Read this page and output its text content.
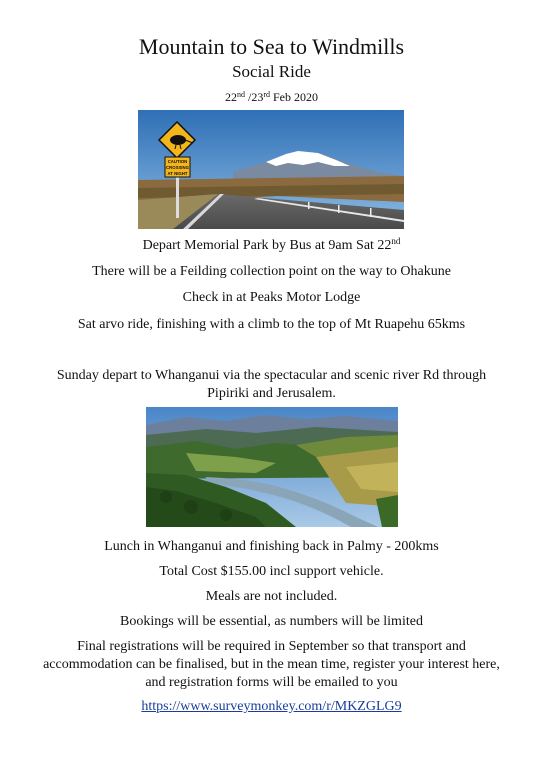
Mountain to Sea to Windmills
Social Ride
22nd /23rd Feb 2020
CAUTION
CROSSING
AT NIGHT
Depart Memorial Park by Bus at 9am Sat 22nd
There will be a Feilding collection point on the way to Ohakune
Check in at Peaks Motor Lodge
Sat arvo ride, finishing with a climb to the top of Mt Ruapehu 65kms
Sunday depart to Whanganui via the spectacular and scenic river Rd through
Pipiriki and Jerusalem.
Lunch in Whanganui and finishing back in Palmy - 200kms
Total Cost $155.00 incl support vehicle.
Meals are not included.
Bookings will be essential, as numbers will be limited
Final registrations will be required in September so that transport and
accommodation can be finalised, but in the mean time, register your interest here,
and registration forms will be emailed to you
https://www.surveymonkey.com/r/MKZGLG9
